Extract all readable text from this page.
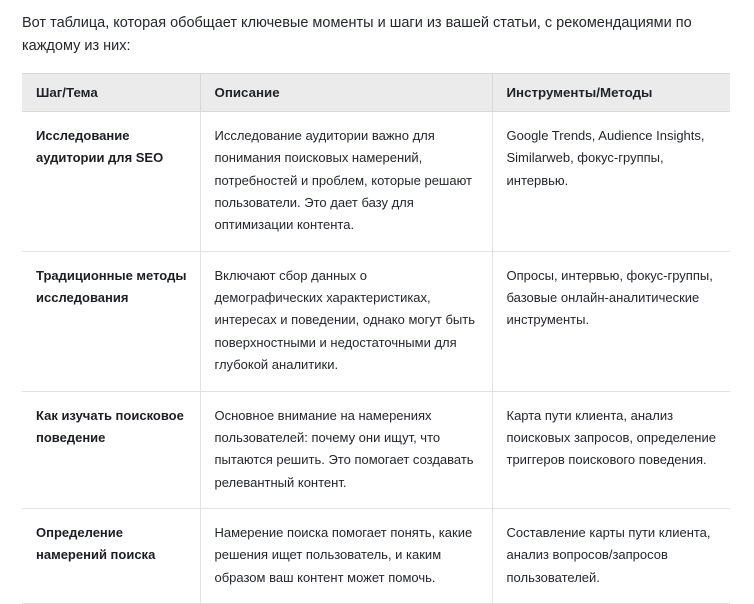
Вот таблица, которая обобщает ключевые моменты и шаги из вашей статьи, с рекомендациями по каждому из них:

Шаг/Тема	Описание	Инструменты/Методы
Исследование аудитории для SEO	Исследование аудитории важно для понимания поисковых намерений, потребностей и проблем, которые решают пользователи. Это дает базу для оптимизации контента.	Google Trends, Audience Insights, Similarweb, фокус-группы, интервью.
Традиционные методы исследования	Включают сбор данных о демографических характеристиках, интересах и поведении, однако могут быть поверхностными и недостаточными для глубокой аналитики.	Опросы, интервью, фокус-группы, базовые онлайн-аналитические инструменты.
Как изучать поисковое поведение	Основное внимание на намерениях пользователей: почему они ищут, что пытаются решить. Это помогает создавать релевантный контент.	Карта пути клиента, анализ поисковых запросов, определение триггеров поискового поведения.
Определение намерений поиска	Намерение поиска помогает понять, какие решения ищет пользователь, и каким образом ваш контент может помочь.	Составление карты пути клиента, анализ вопросов/запросов пользователей.
